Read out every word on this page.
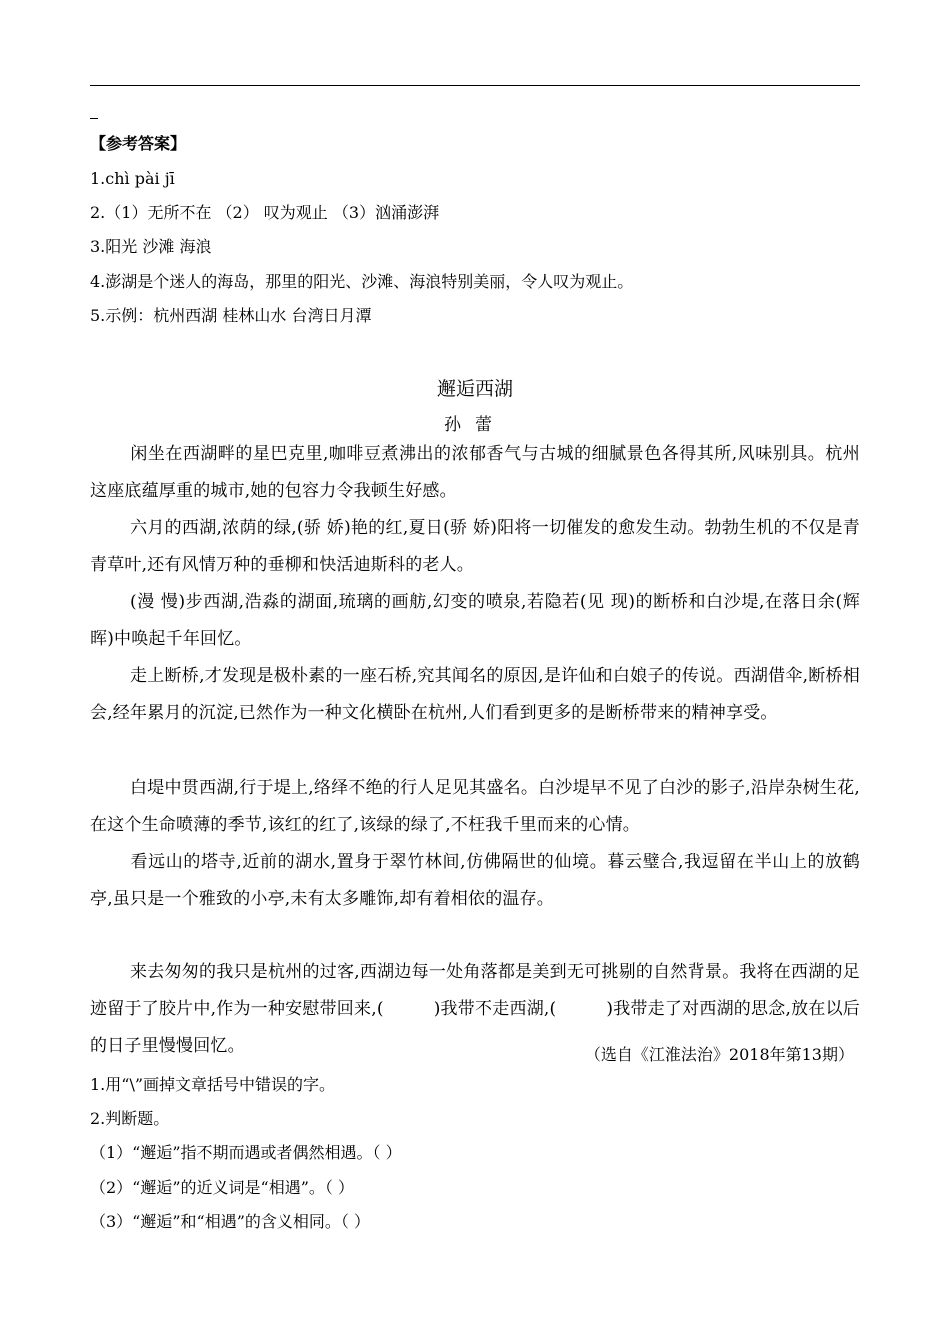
【参考答案】
1.chì pài jī
2.（1）无所不在 （2） 叹为观止 （3）汹涌澎湃
3.阳光 沙滩 海浪
4.澎湖是个迷人的海岛，那里的阳光、沙滩、海浪特别美丽，令人叹为观止。
5.示例：杭州西湖 桂林山水 台湾日月潭
邂逅西湖
孙蕾
闲坐在西湖畔的星巴克里,咖啡豆煮沸出的浓郁香气与古城的细腻景色各得其所,风味别具。杭州这座底蕴厚重的城市,她的包容力令我顿生好感。
六月的西湖,浓荫的绿,(骄 娇)艳的红,夏日(骄 娇)阳将一切催发的愈发生动。勃勃生机的不仅是青青草叶,还有风情万种的垂柳和快活迪斯科的老人。
(漫 慢)步西湖,浩淼的湖面,琉璃的画舫,幻变的喷泉,若隐若(见 现)的断桥和白沙堤,在落日余(辉 晖)中唤起千年回忆。
走上断桥,才发现是极朴素的一座石桥,究其闻名的原因,是许仙和白娘子的传说。西湖借伞,断桥相会,经年累月的沉淀,已然作为一种文化横卧在杭州,人们看到更多的是断桥带来的精神享受。
白堤中贯西湖,行于堤上,络绎不绝的行人足见其盛名。白沙堤早不见了白沙的影子,沿岸杂树生花,在这个生命喷薄的季节,该红的红了,该绿的绿了,不枉我千里而来的心情。
看远山的塔寺,近前的湖水,置身于翠竹林间,仿佛隔世的仙境。暮云璧合,我逗留在半山上的放鹤亭,虽只是一个雅致的小亭,未有太多雕饰,却有着相依的温存。
来去匆匆的我只是杭州的过客,西湖边每一处角落都是美到无可挑剔的自然背景。我将在西湖的足迹留于了胶片中,作为一种安慰带回来,(	)我带不走西湖,(	)我带走了对西湖的思念,放在以后的日子里慢慢回忆。	（选自《江淮法治》2018年第13期）
1.用“\”画掉文章括号中错误的字。
2.判断题。
（1）“邂逅”指不期而遇或者偶然相遇。（ ）
（2）“邂逅”的近义词是“相遇”。（ ）
（3）“邂逅”和“相遇”的含义相同。（ ）
